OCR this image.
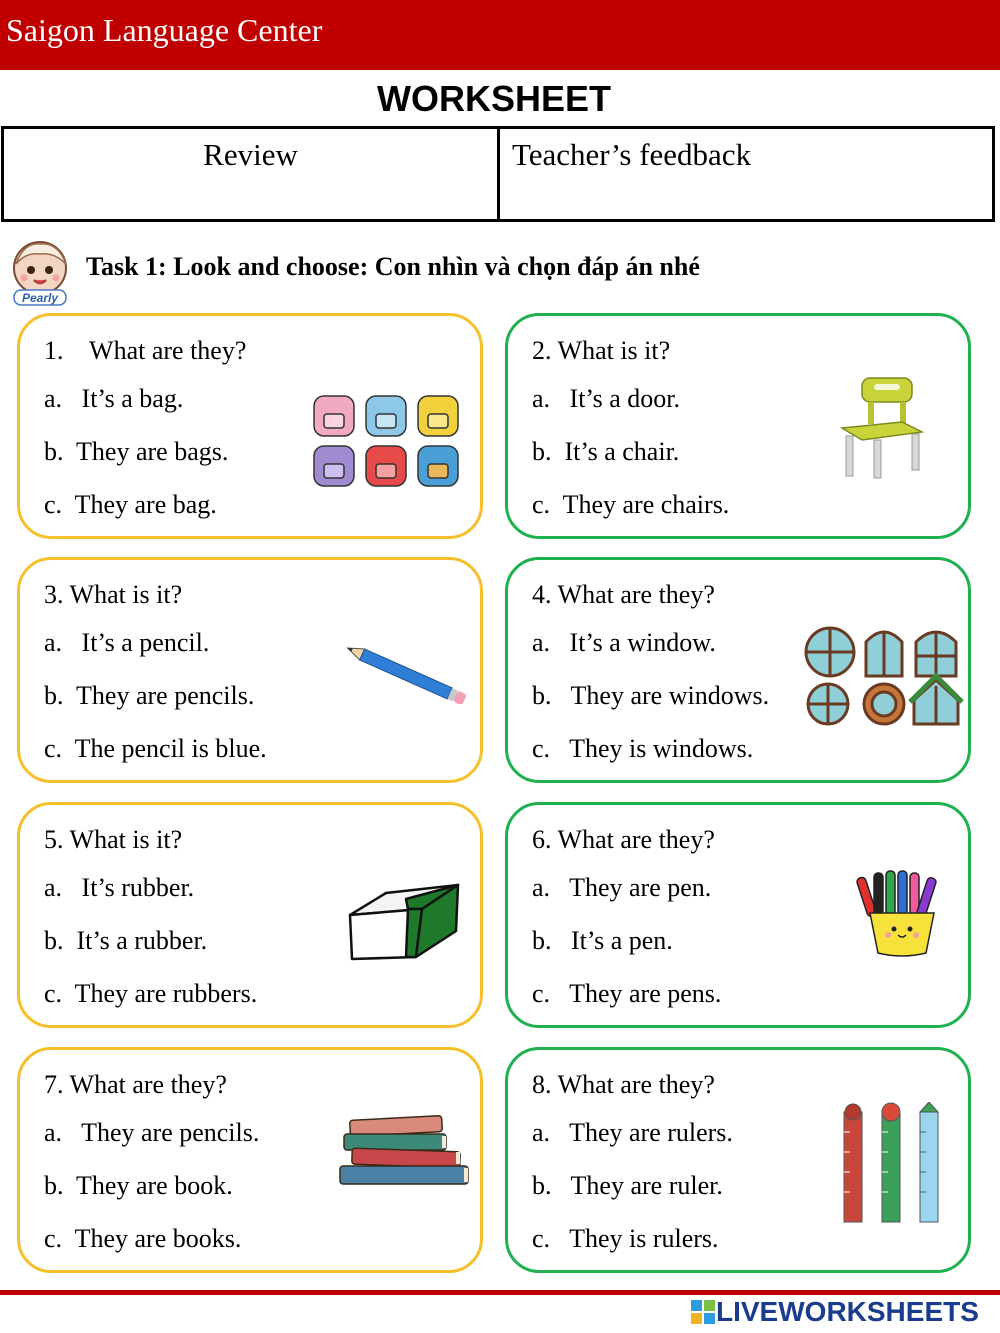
Saigon Language Center
WORKSHEET
Review	Teacher’s feedback
Pearly
Task 1: Look and choose: Con nhìn và chọn đáp án nhé
1.    What are they?
a.   It’s a bag.
b.  They are bags.
c.  They are bag.
2. What is it?
a.   It’s a door.
b.  It’s a chair.
c.  They are chairs.
3. What is it?
a.   It’s a pencil.
b.  They are pencils.
c.  The pencil is blue.
4. What are they?
a.   It’s a window.
b.   They are windows.
c.   They is windows.
5. What is it?
a.   It’s rubber.
b.  It’s a rubber.
c.  They are rubbers.
6. What are they?
a.   They are pen.
b.   It’s a pen.
c.   They are pens.
7. What are they?
a.   They are pencils.
b.  They are book.
c.  They are books.
8. What are they?
a.   They are rulers.
b.   They are ruler.
c.   They is rulers.
LIVEWORKSHEETS
